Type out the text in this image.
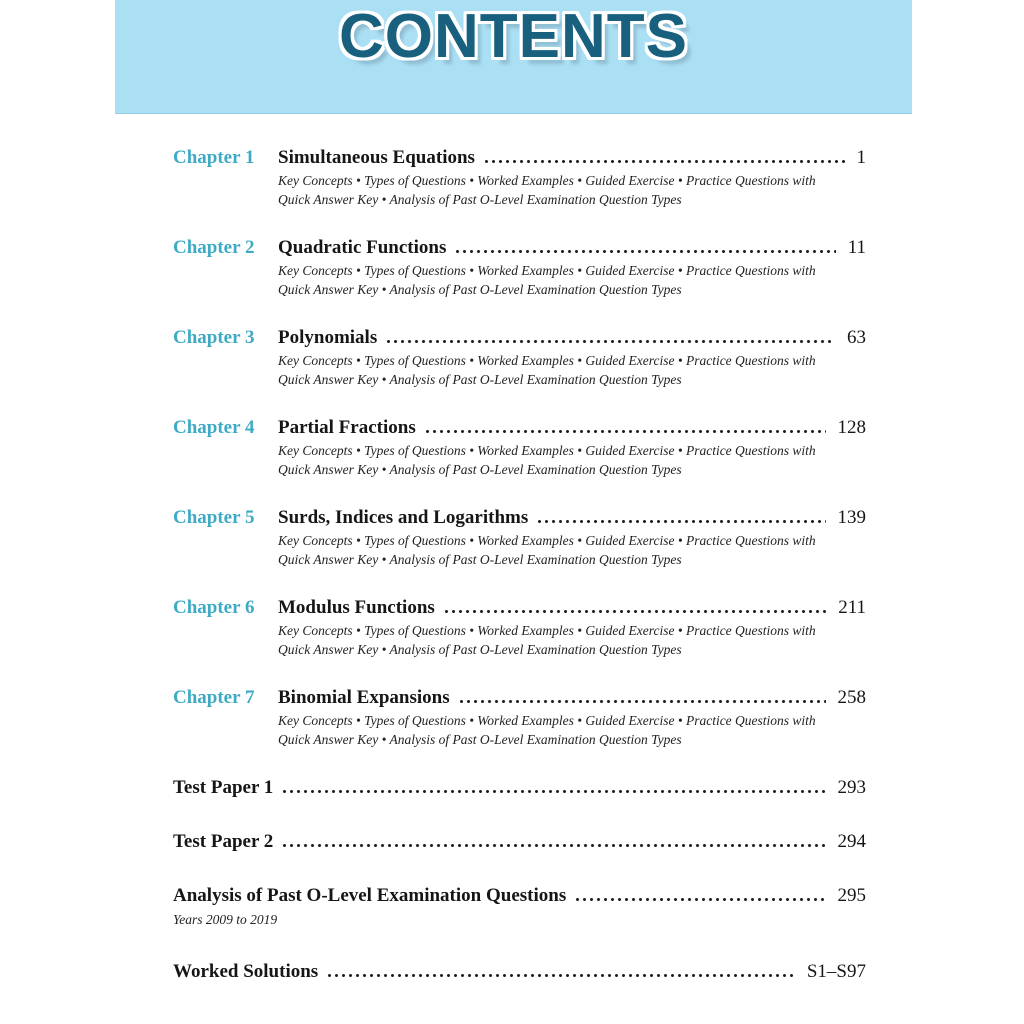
CONTENTS
Chapter 1	Simultaneous Equations	1
Key Concepts • Types of Questions • Worked Examples • Guided Exercise • Practice Questions with
Quick Answer Key • Analysis of Past O-Level Examination Question Types
Chapter 2	Quadratic Functions	11
Key Concepts • Types of Questions • Worked Examples • Guided Exercise • Practice Questions with
Quick Answer Key • Analysis of Past O-Level Examination Question Types
Chapter 3	Polynomials	63
Key Concepts • Types of Questions • Worked Examples • Guided Exercise • Practice Questions with
Quick Answer Key • Analysis of Past O-Level Examination Question Types
Chapter 4	Partial Fractions	128
Key Concepts • Types of Questions • Worked Examples • Guided Exercise • Practice Questions with
Quick Answer Key • Analysis of Past O-Level Examination Question Types
Chapter 5	Surds, Indices and Logarithms	139
Key Concepts • Types of Questions • Worked Examples • Guided Exercise • Practice Questions with
Quick Answer Key • Analysis of Past O-Level Examination Question Types
Chapter 6	Modulus Functions	211
Key Concepts • Types of Questions • Worked Examples • Guided Exercise • Practice Questions with
Quick Answer Key • Analysis of Past O-Level Examination Question Types
Chapter 7	Binomial Expansions	258
Key Concepts • Types of Questions • Worked Examples • Guided Exercise • Practice Questions with
Quick Answer Key • Analysis of Past O-Level Examination Question Types
Test Paper 1	293
Test Paper 2	294
Analysis of Past O-Level Examination Questions	295
Years 2009 to 2019
Worked Solutions	S1–S97
